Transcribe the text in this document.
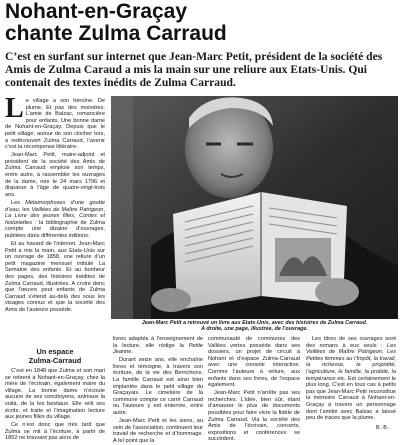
Nohant-en-Graçay
chante Zulma Carraud

C’est en surfant sur internet que Jean-Marc Petit, président de la société des Amis de Zulma Caraud a mis la main sur une reliure aux Etats-Unis. Qui contenait des textes inédits de Zulma Carraud.

Le village a son héroïne. De plume. Et pas des moindres. L’amie de Balzac, romancière pour enfants. Une bonne dame de Nohant-en-Graçay. Depuis que le petit village, autour de son clocher tors, a redécouvert Zulma Carraud, l’avenir c’est la récompense littéraire.

Jean-Marc Petit, maire-adjoint et président de la société des Amis de Zulma Carraud emploie son temps, entre autre, à rassembler les ouvrages de la dame, née le 24 mars 1796 et disparue à l’âge de quatre-vingt-trois ans.

Les Métamorphoses d’une goutte d’eau, les Veillées de Maître Patrigeon, La Livre des jeunes filles, Contes et historiettes : la bibliographie de Zulma compte une dizaine d’ouvrages, publiées dans différentes éditions.

Et au hasard de l’internet, Jean-Marc Petit a mis la main, aux Etats-Unis sur un ouvrage de 1858, une reliure d’un petit magazine mensuel intitulé La Semaine des enfants. Et au bonheur des pages, des histoires inédites de Zulma Carraud, illustrées. A croire donc que l’œuvre peut enfants de Zulma Carraud s’étend au-delà des sous les visages connus et que la société des Amis de l’auteure possède.

Un espace
Zulma-Carraud

C’est en 1848 que Zulma et son mari se retirent à Nohant-en-Graçay, chez la mère de l’écrivain, également maire du village. La bonne dame n’écoute aucune de ses concitoyens, animaux la voilà, de la les bestiaux. Elle relit ses écrits, et traite et l’imagination lecture aux jeunes filles du village.

Ce n’est donc que très tard que Zulma se mit à l’écriture, à partir de 1852 ne trouvant pas alors de

Jean-Marc Petit a retrouvé un livre aux Etats-Unis, avec des histoires de Zulma Carraud.
A droite, une page, illustrée, de l’ouvrage.

livres adaptés à l’enseignement de la lecture, elle rédige la Petite Jeanne.

Durant seize ans, elle enchaîne livres et témoigne, à travers son écriture, de la vie des Berrichons. La famille Carraud est ainsi bien implantée dans le petit village du Graçayais. Le cimetière de la commune compte ce carré Carraud ou l’auteure y est enterrée, entre autre.

Jean-Marc Petit et les siens, au sein de l’association, continuent leur travail de recherche et d’hommage. A tel point que la

communauté de communes des Vallées vertes possède dans ses dossiers, un projet de circuit à Nohant et d’espace Zulma-Carraud avec une console interactive. Comme l’auteure à reliure, aux enfants dans ses livres, de l’espace également.

Jean-Marc Petit n’arrête pas ses recherches. L’idée, bien sûr, étant d’amasser le plus de documents possibles pour faire vivre la fidèle de Zulma Carraud. Via la société des Amis de l’écrivain, concerts, expositions et conférences se succèdent.

Les titres de ses ouvrages sont des romans à eux seuls : Les Veillées de Maître Patrigeon, Les Petites femmes au l’Impôt, la travail, la richesse, la propriété, l’agriculture, la famille, la probité, la tempérance etc. Est certainement le plus long. C’est en tous cas à petits pas que Jean-Marc Petit reconstitue la mémoire Carraud à Nohant-en-Graçay à travers un personnage dont l’amitié avec Balzac a laissé peu de traces que la plume.

B.B.
